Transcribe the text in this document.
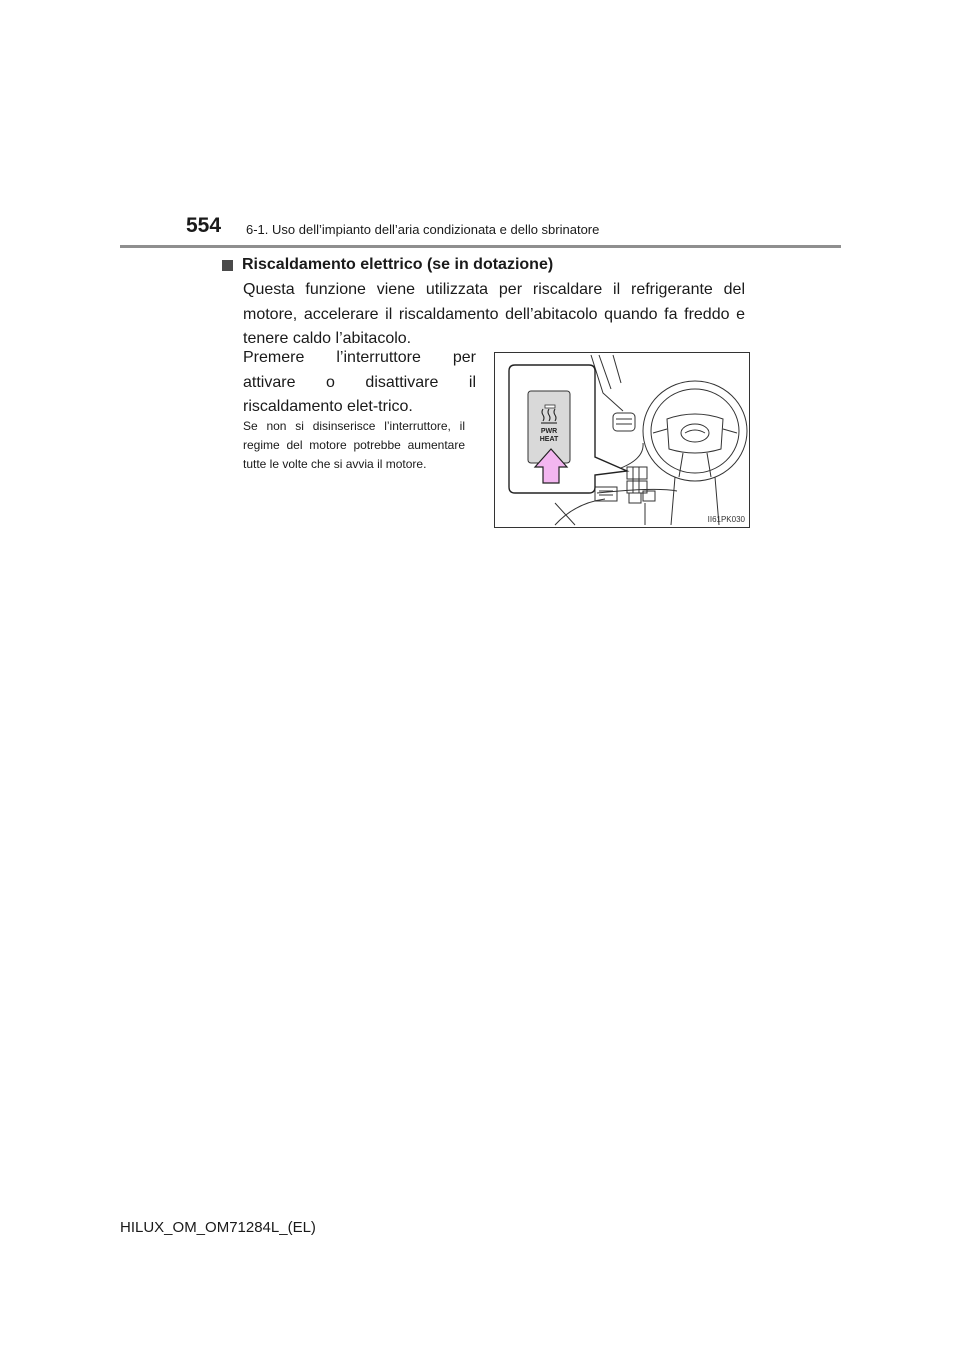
554 6-1. Uso dell’impianto dell’aria condizionata e dello sbrinatore
Riscaldamento elettrico (se in dotazione)
Questa funzione viene utilizzata per riscaldare il refrigerante del motore, accelerare il riscaldamento dell’abitacolo quando fa freddo e tenere caldo l’abitacolo.
Premere l’interruttore per attivare o disattivare il riscaldamento elet-trico.
Se non si disinserisce l’interruttore, il regime del motore potrebbe aumentare tutte le volte che si avvia il motore.
PWR
HEAT
II61PK030
HILUX_OM_OM71284L_(EL)
